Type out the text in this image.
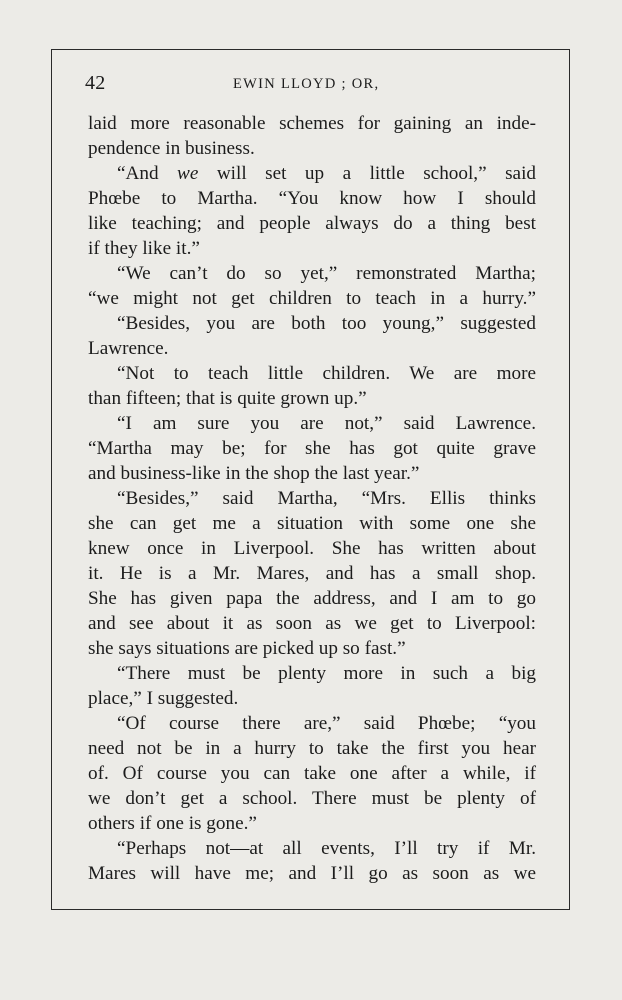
42	EWIN LLOYD ; OR,
laid more reasonable schemes for gaining an inde-
pendence in business.
“And we will set up a little school,” said
Phœbe to Martha. “You know how I should
like teaching; and people always do a thing best
if they like it.”
“We can’t do so yet,” remonstrated Martha;
“we might not get children to teach in a hurry.”
“Besides, you are both too young,” suggested
Lawrence.
“Not to teach little children. We are more
than fifteen; that is quite grown up.”
“I am sure you are not,” said Lawrence.
“Martha may be; for she has got quite grave
and business-like in the shop the last year.”
“Besides,” said Martha, “Mrs. Ellis thinks
she can get me a situation with some one she
knew once in Liverpool. She has written about
it. He is a Mr. Mares, and has a small shop.
She has given papa the address, and I am to go
and see about it as soon as we get to Liverpool:
she says situations are picked up so fast.”
“There must be plenty more in such a big
place,” I suggested.
“Of course there are,” said Phœbe; “you
need not be in a hurry to take the first you hear
of. Of course you can take one after a while, if
we don’t get a school. There must be plenty of
others if one is gone.”
“Perhaps not—at all events, I’ll try if Mr.
Mares will have me; and I’ll go as soon as we
